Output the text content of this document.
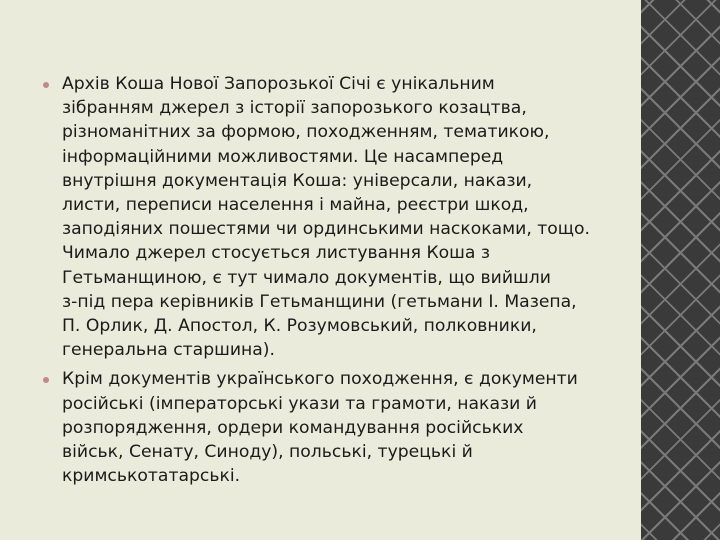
Архів Коша Нової Запорозької Січі є унікальним
зібранням джерел з історії запорозького козацтва,
різноманітних за формою, походженням, тематикою,
інформаційними можливостями. Це насамперед
внутрішня документація Коша: універсали, накази,
листи, переписи населення і майна, реєстри шкод,
заподіяних пошестями чи ординськими наскоками, тощо.
Чимало джерел стосується листування Коша з
Гетьманщиною, є тут чимало документів, що вийшли
з-під пера керівників Гетьманщини (гетьмани І. Мазепа,
П. Орлик, Д. Апостол, К. Розумовський, полковники,
генеральна старшина).
Крім документів українського походження, є документи
російські (імператорські укази та грамоти, накази й
розпорядження, ордери командування російських
військ, Сенату, Синоду), польські, турецькі й
кримськотатарські.
